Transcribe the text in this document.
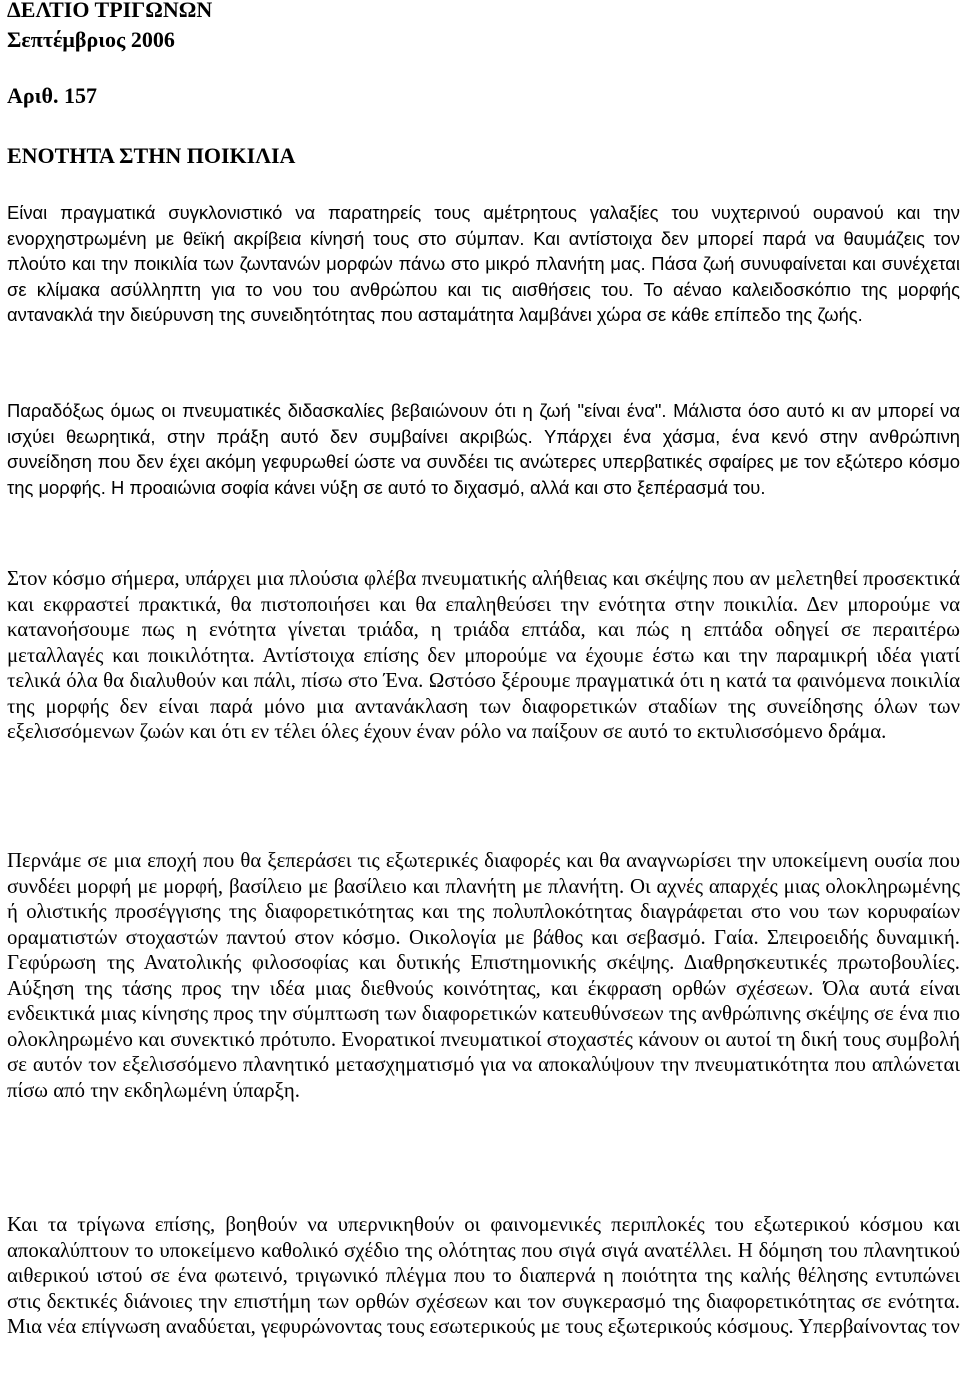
ΔΕΛΤΙΟ ΤΡΙΓΩΝΩΝ
Σεπτέμβριος 2006
Αριθ. 157
ΕΝΟΤΗΤΑ ΣΤΗΝ ΠΟΙΚΙΛΙΑ

Είναι πραγματικά συγκλονιστικό να παρατηρείς τους αμέτρητους γαλαξίες του νυχτερινού ουρανού και την ενορχηστρωμένη με θεϊκή ακρίβεια κίνησή τους στο σύμπαν. Και αντίστοιχα δεν μπορεί παρά να θαυμάζεις τον πλούτο και την ποικιλία των ζωντανών μορφών πάνω στο μικρό πλανήτη μας. Πάσα ζωή συνυφαίνεται και συνέχεται σε κλίμακα ασύλληπτη για το νου του ανθρώπου και τις αισθήσεις του. Το αέναο καλειδοσκόπιο της μορφής αντανακλά την διεύρυνση της συνειδητότητας που ασταμάτητα λαμβάνει χώρα σε κάθε επίπεδο της ζωής.

Παραδόξως όμως οι πνευματικές διδασκαλίες βεβαιώνουν ότι η ζωή "είναι ένα". Μάλιστα όσο αυτό κι αν μπορεί να ισχύει θεωρητικά, στην πράξη αυτό δεν συμβαίνει ακριβώς. Υπάρχει ένα χάσμα, ένα κενό στην ανθρώπινη συνείδηση που δεν έχει ακόμη γεφυρωθεί ώστε να συνδέει τις ανώτερες υπερβατικές σφαίρες με τον εξώτερο κόσμο της μορφής. Η προαιώνια σοφία κάνει νύξη σε αυτό το διχασμό, αλλά και στο ξεπέρασμά του.

Στον κόσμο σήμερα, υπάρχει μια πλούσια φλέβα πνευματικής αλήθειας και σκέψης που αν μελετηθεί προσεκτικά και εκφραστεί πρακτικά, θα πιστοποιήσει και θα επαληθεύσει την ενότητα στην ποικιλία. Δεν μπορούμε να κατανοήσουμε πως η ενότητα γίνεται τριάδα, η τριάδα επτάδα, και πώς η επτάδα οδηγεί σε περαιτέρω μεταλλαγές και ποικιλότητα. Αντίστοιχα επίσης δεν μπορούμε να έχουμε έστω και την παραμικρή ιδέα γιατί τελικά όλα θα διαλυθούν και πάλι, πίσω στο Ένα. Ωστόσο ξέρουμε πραγματικά ότι η κατά τα φαινόμενα ποικιλία της μορφής δεν είναι παρά μόνο μια αντανάκλαση των διαφορετικών σταδίων της συνείδησης όλων των εξελισσόμενων ζωών και ότι εν τέλει όλες έχουν έναν ρόλο να παίξουν σε αυτό το εκτυλισσόμενο δράμα.

Περνάμε σε μια εποχή που θα ξεπεράσει τις εξωτερικές διαφορές και θα αναγνωρίσει την υποκείμενη ουσία που συνδέει μορφή με μορφή, βασίλειο με βασίλειο και πλανήτη με πλανήτη. Οι αχνές απαρχές μιας ολοκληρωμένης ή ολιστικής προσέγγισης της διαφορετικότητας και της πολυπλοκότητας διαγράφεται στο νου των κορυφαίων οραματιστών στοχαστών παντού στον κόσμο. Οικολογία με βάθος και σεβασμό. Γαία. Σπειροειδής δυναμική. Γεφύρωση της Ανατολικής φιλοσοφίας και δυτικής Επιστημονικής σκέψης. Διαθρησκευτικές πρωτοβουλίες. Αύξηση της τάσης προς την ιδέα μιας διεθνούς κοινότητας, και έκφραση ορθών σχέσεων. Όλα αυτά είναι ενδεικτικά μιας κίνησης προς την σύμπτωση των διαφορετικών κατευθύνσεων της ανθρώπινης σκέψης σε ένα πιο ολοκληρωμένο και συνεκτικό πρότυπο. Ενορατικοί πνευματικοί στοχαστές κάνουν οι αυτοί τη δική τους συμβολή σε αυτόν τον εξελισσόμενο πλανητικό μετασχηματισμό για να αποκαλύψουν την πνευματικότητα που απλώνεται πίσω από την εκδηλωμένη ύπαρξη.

Και τα τρίγωνα επίσης, βοηθούν να υπερνικηθούν οι φαινομενικές περιπλοκές του εξωτερικού κόσμου και αποκαλύπτουν το υποκείμενο καθολικό σχέδιο της ολότητας που σιγά σιγά ανατέλλει. Η δόμηση του πλανητικού αιθερικού ιστού σε ένα φωτεινό, τριγωνικό πλέγμα που το διαπερνά η ποιότητα της καλής θέλησης εντυπώνει στις δεκτικές διάνοιες την επιστήμη των ορθών σχέσεων και τον συγκερασμό της διαφορετικότητας σε ενότητα. Μια νέα επίγνωση αναδύεται, γεφυρώνοντας τους εσωτερικούς με τους εξωτερικούς κόσμους. Υπερβαίνοντας τον
